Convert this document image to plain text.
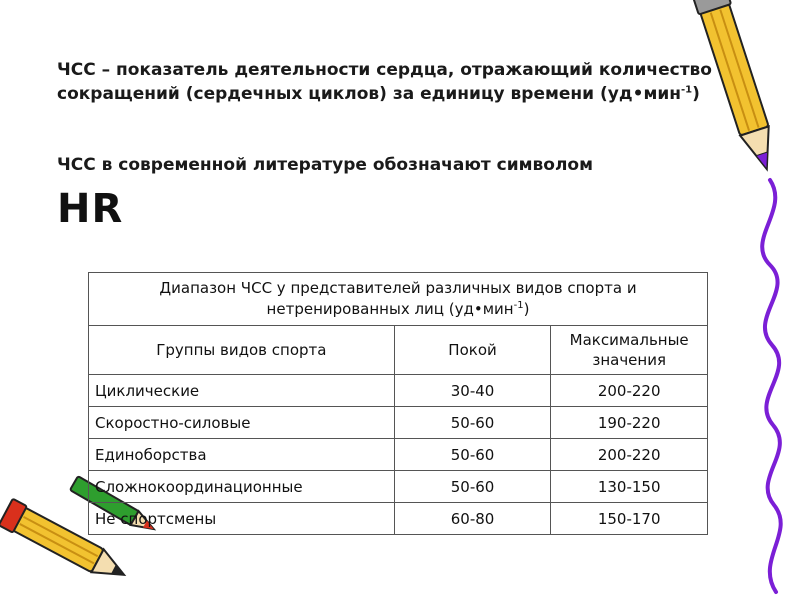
ЧСС – показатель деятельности сердца, отражающий количество сокращений (сердечных циклов) за единицу времени (уд•мин$^{-1}$)
ЧСС в современной литературе обозначают символом
HR
Диапазон ЧСС у представителей различных видов спорта и нетренированных лиц (уд•мин$^{-1}$)		
Группы видов спорта	Покой	Максимальные значения
Циклические	30-40	200-220
Скоростно-силовые	50-60	190-220
Единоборства	50-60	200-220
Сложнокоординационные	50-60	130-150
Не спортсмены	60-80	150-170
